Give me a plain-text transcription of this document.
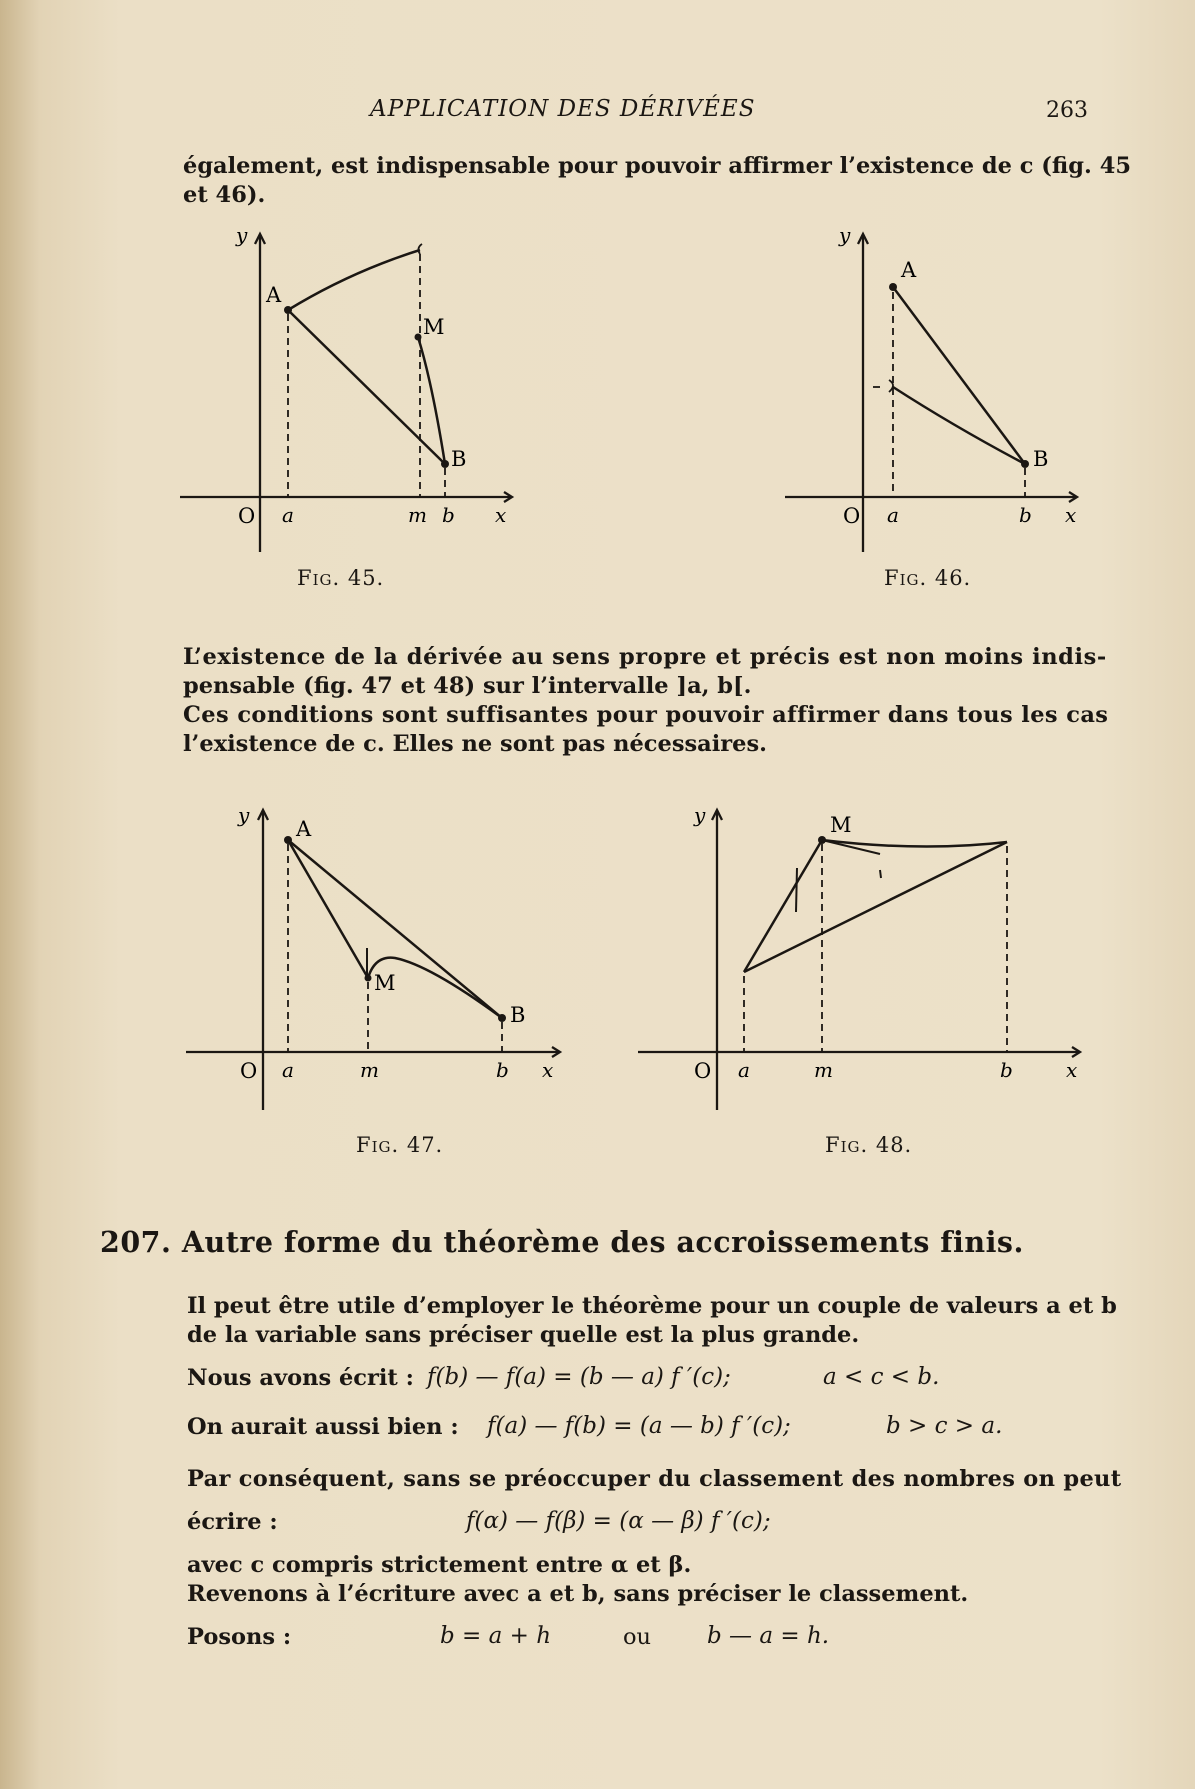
APPLICATION DES DÉRIVÉES	263
également, est indispensable pour pouvoir affirmer l’existence de c (fig. 45
et 46).
y
A
M
B
O a	m b x
Fig. 45.
y
A
B
O a	b x
Fig. 46.
L’existence de la dérivée au sens propre et précis est non moins indis-
pensable (fig. 47 et 48) sur l’intervalle ]a, b[.
Ces conditions sont suffisantes pour pouvoir affirmer dans tous les cas
l’existence de c. Elles ne sont pas nécessaires.
y
A
M
B
O a	m	b x
Fig. 47.
y	M
O a	m	b	x
Fig. 48.
207. Autre forme du théorème des accroissements finis.
Il peut être utile d’employer le théorème pour un couple de valeurs a et b
de la variable sans préciser quelle est la plus grande.
Nous avons écrit : f(b) — f(a) = (b — a) f ′(c);	a < c < b.
On aurait aussi bien : f(a) — f(b) = (a — b) f ′(c);	b > c > a.
Par conséquent, sans se préoccuper du classement des nombres on peut
écrire :	f(α) — f(β) = (α — β) f ′(c);
avec c compris strictement entre α et β.
Revenons à l’écriture avec a et b, sans préciser le classement.
Posons :	b = a + h	ou b — a = h.
